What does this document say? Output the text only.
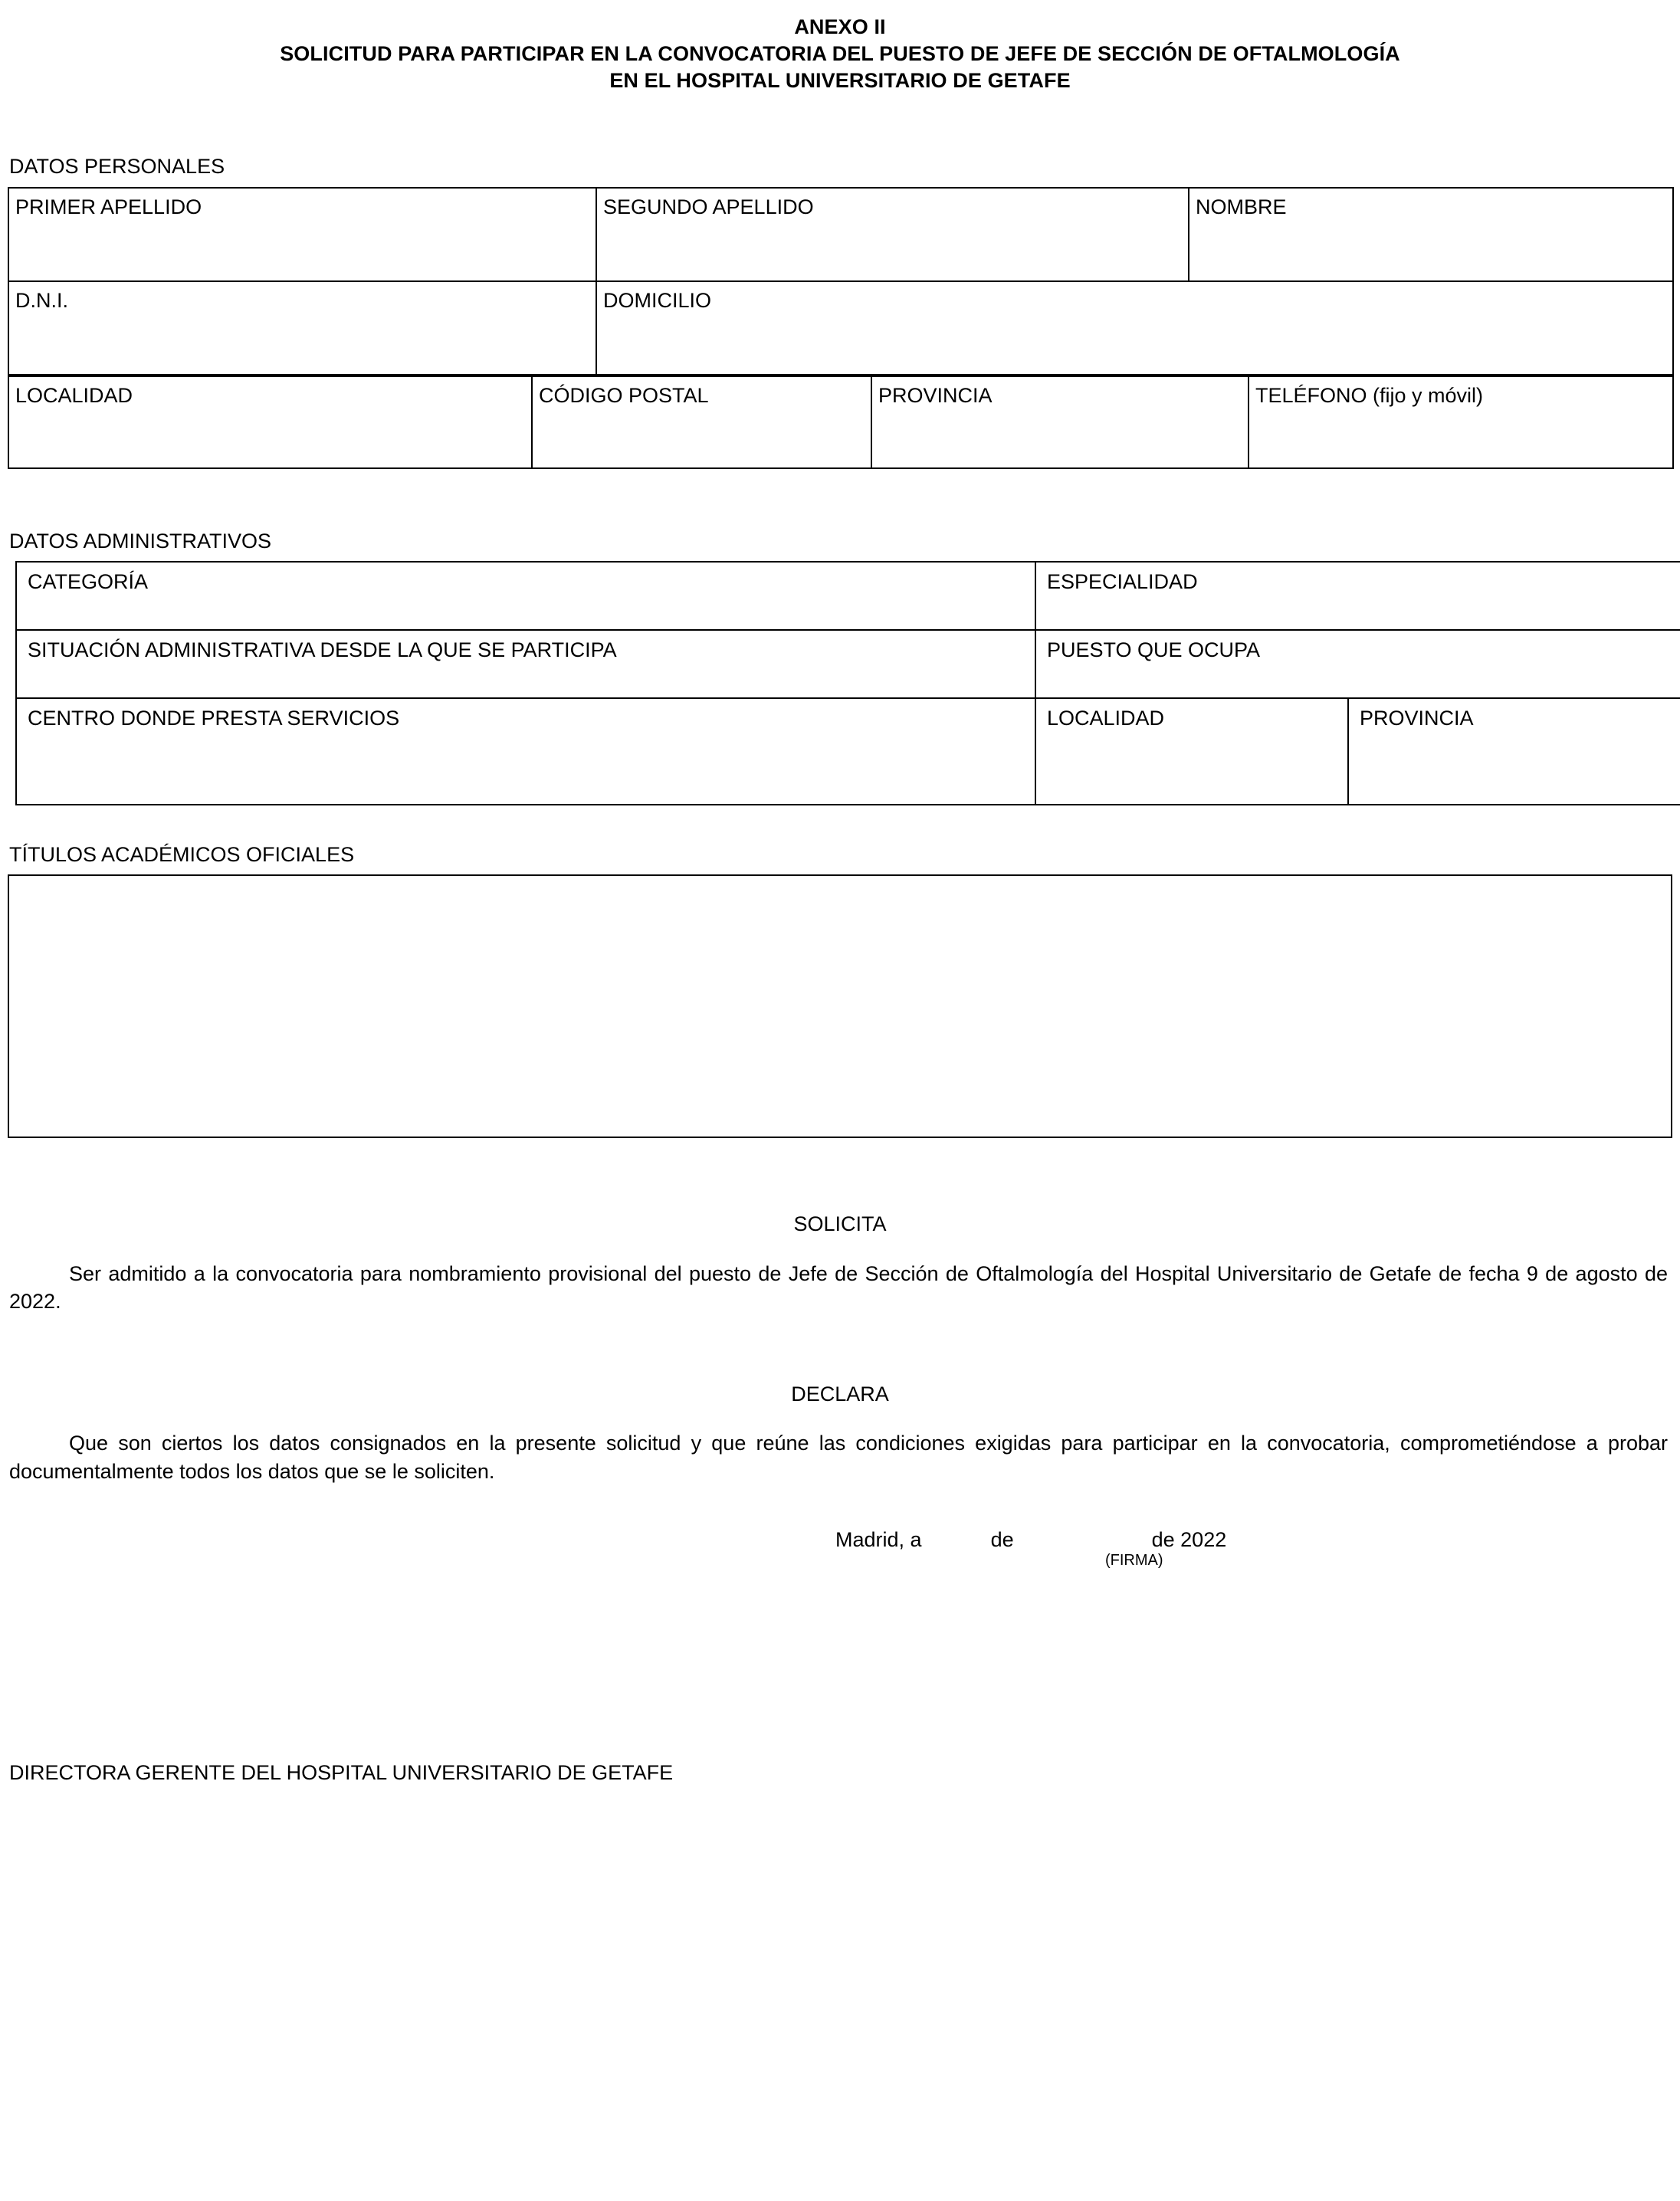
ANEXO II
SOLICITUD PARA PARTICIPAR EN LA CONVOCATORIA DEL PUESTO DE JEFE DE SECCIÓN DE OFTALMOLOGÍA
EN EL HOSPITAL UNIVERSITARIO DE GETAFE
DATOS PERSONALES
PRIMER APELLIDO	SEGUNDO APELLIDO	NOMBRE

D.N.I.	DOMICILIO	
LOCALIDAD	CÓDIGO POSTAL	PROVINCIA	TELÉFONO (fijo y móvil)
DATOS ADMINISTRATIVOS
CATEGORÍA	ESPECIALIDAD	

SITUACIÓN ADMINISTRATIVA DESDE LA QUE SE PARTICIPA	PUESTO QUE OCUPA	

CENTRO DONDE PRESTA SERVICIOS	LOCALIDAD	PROVINCIA
TÍTULOS ACADÉMICOS OFICIALES

SOLICITA

Ser admitido a la convocatoria para nombramiento provisional del puesto de Jefe de Sección de Oftalmología del Hospital Universitario de Getafe de fecha 9 de agosto de 2022.

DECLARA

Que son ciertos los datos consignados en la presente solicitud y que reúne las condiciones exigidas para participar en la convocatoria, comprometiéndose a probar documentalmente todos los datos que se le soliciten.

Madrid, a            de                        de 2022

(FIRMA)

DIRECTORA GERENTE DEL HOSPITAL UNIVERSITARIO DE GETAFE
